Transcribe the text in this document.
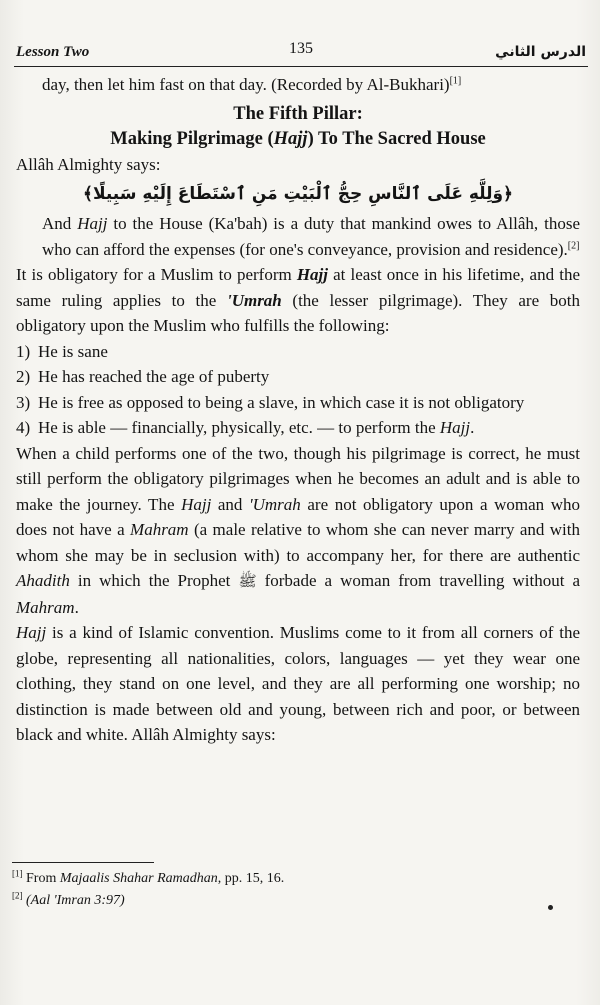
Lesson Two	135	الدرس الثاني

day, then let him fast on that day. (Recorded by Al-Bukhari)[1]

The Fifth Pillar:
Making Pilgrimage (Hajj) To The Sacred House

Allâh Almighty says:

﴿وَلِلَّهِ عَلَى ٱلنَّاسِ حِجُّ ٱلْبَيْتِ مَنِ ٱسْتَطَاعَ إِلَيْهِ سَبِيلًا﴾

And Hajj to the House (Ka'bah) is a duty that mankind owes to Allâh, those who can afford the expenses (for one's conveyance, provision and residence).[2]

It is obligatory for a Muslim to perform Hajj at least once in his lifetime, and the same ruling applies to the 'Umrah (the lesser pilgrimage). They are both obligatory upon the Muslim who fulfills the following:

1) He is sane
2) He has reached the age of puberty
3) He is free as opposed to being a slave, in which case it is not obligatory
4) He is able — financially, physically, etc. — to perform the Hajj.

When a child performs one of the two, though his pilgrimage is correct, he must still perform the obligatory pilgrimages when he becomes an adult and is able to make the journey. The Hajj and 'Umrah are not obligatory upon a woman who does not have a Mahram (a male relative to whom she can never marry and with whom she may be in seclusion with) to accompany her, for there are authentic Ahadith in which the Prophet ﷺ forbade a woman from travelling without a Mahram.

Hajj is a kind of Islamic convention. Muslims come to it from all corners of the globe, representing all nationalities, colors, languages — yet they wear one clothing, they stand on one level, and they are all performing one worship; no distinction is made between old and young, between rich and poor, or between black and white. Allâh Almighty says:

[1] From Majaalis Shahar Ramadhan, pp. 15, 16.
[2] (Aal 'Imran 3:97)
